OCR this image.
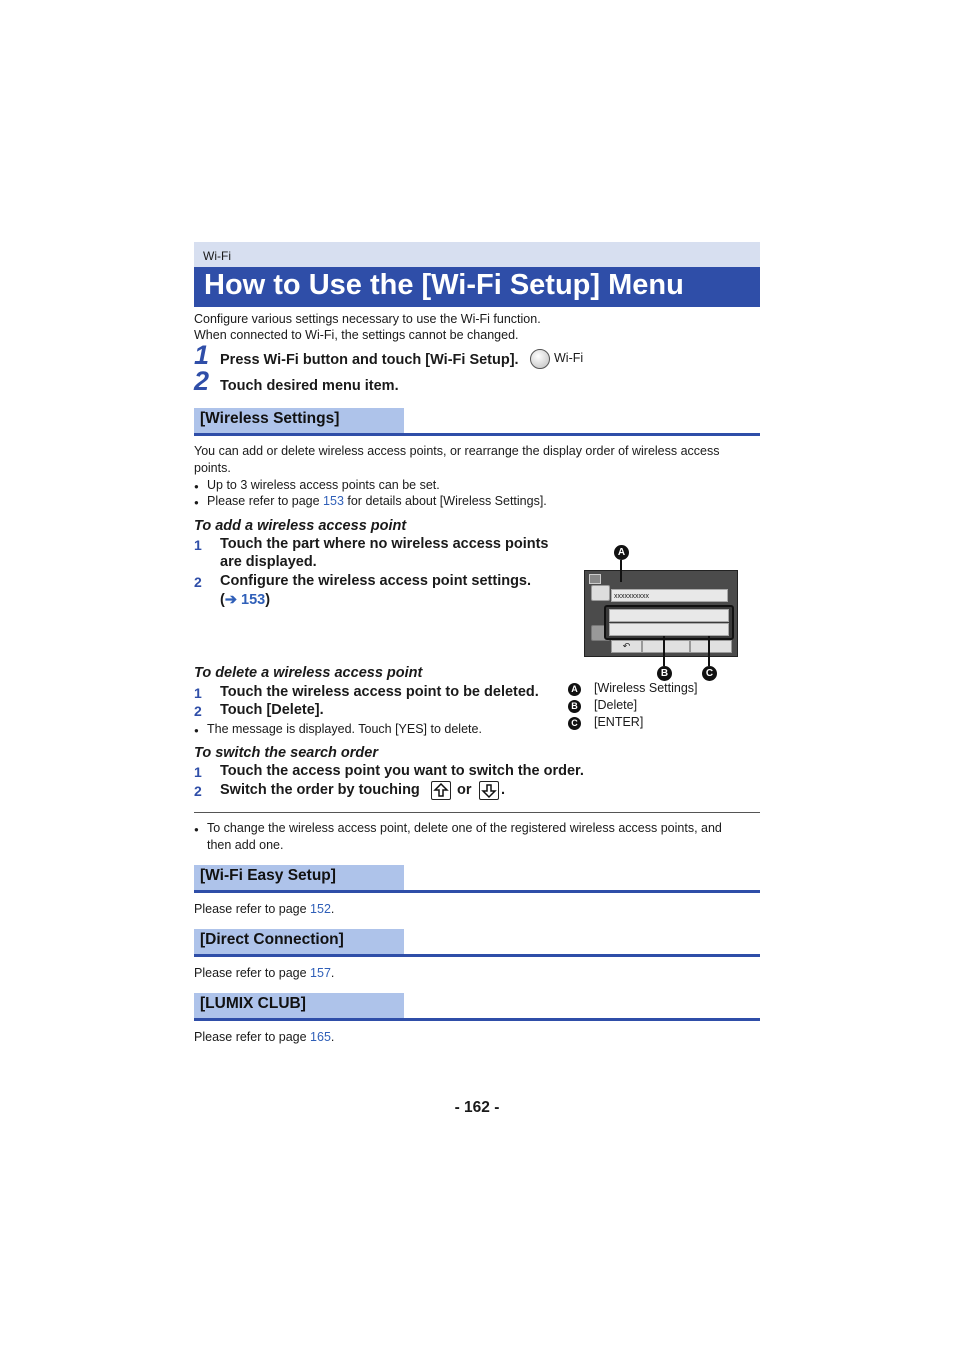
Wi-Fi
How to Use the [Wi-Fi Setup] Menu
Configure various settings necessary to use the Wi-Fi function.
When connected to Wi-Fi, the settings cannot be changed.
1 Press Wi-Fi button and touch [Wi-Fi Setup].	Wi-Fi
2 Touch desired menu item.
[Wireless Settings]
You can add or delete wireless access points, or rearrange the display order of wireless access
points.
● Up to 3 wireless access points can be set.
● Please refer to page 153 for details about [Wireless Settings].
To add a wireless access point
1 Touch the part where no wireless access points
are displayed.
2 Configure the wireless access point settings.
(➔ 153)	xxxxxxxxxx
↶
A
B	C
A [Wireless Settings]
B [Delete]
C [ENTER]
To delete a wireless access point
1 Touch the wireless access point to be deleted.
2 Touch [Delete].
● The message is displayed. Touch [YES] to delete.
To switch the search order
1 Touch the access point you want to switch the order.
2 Switch the order by touching	or .
● To change the wireless access point, delete one of the registered wireless access points, and
then add one.
[Wi-Fi Easy Setup]
Please refer to page 152.
[Direct Connection]
Please refer to page 157.
[LUMIX CLUB]
Please refer to page 165.
- 162 -
